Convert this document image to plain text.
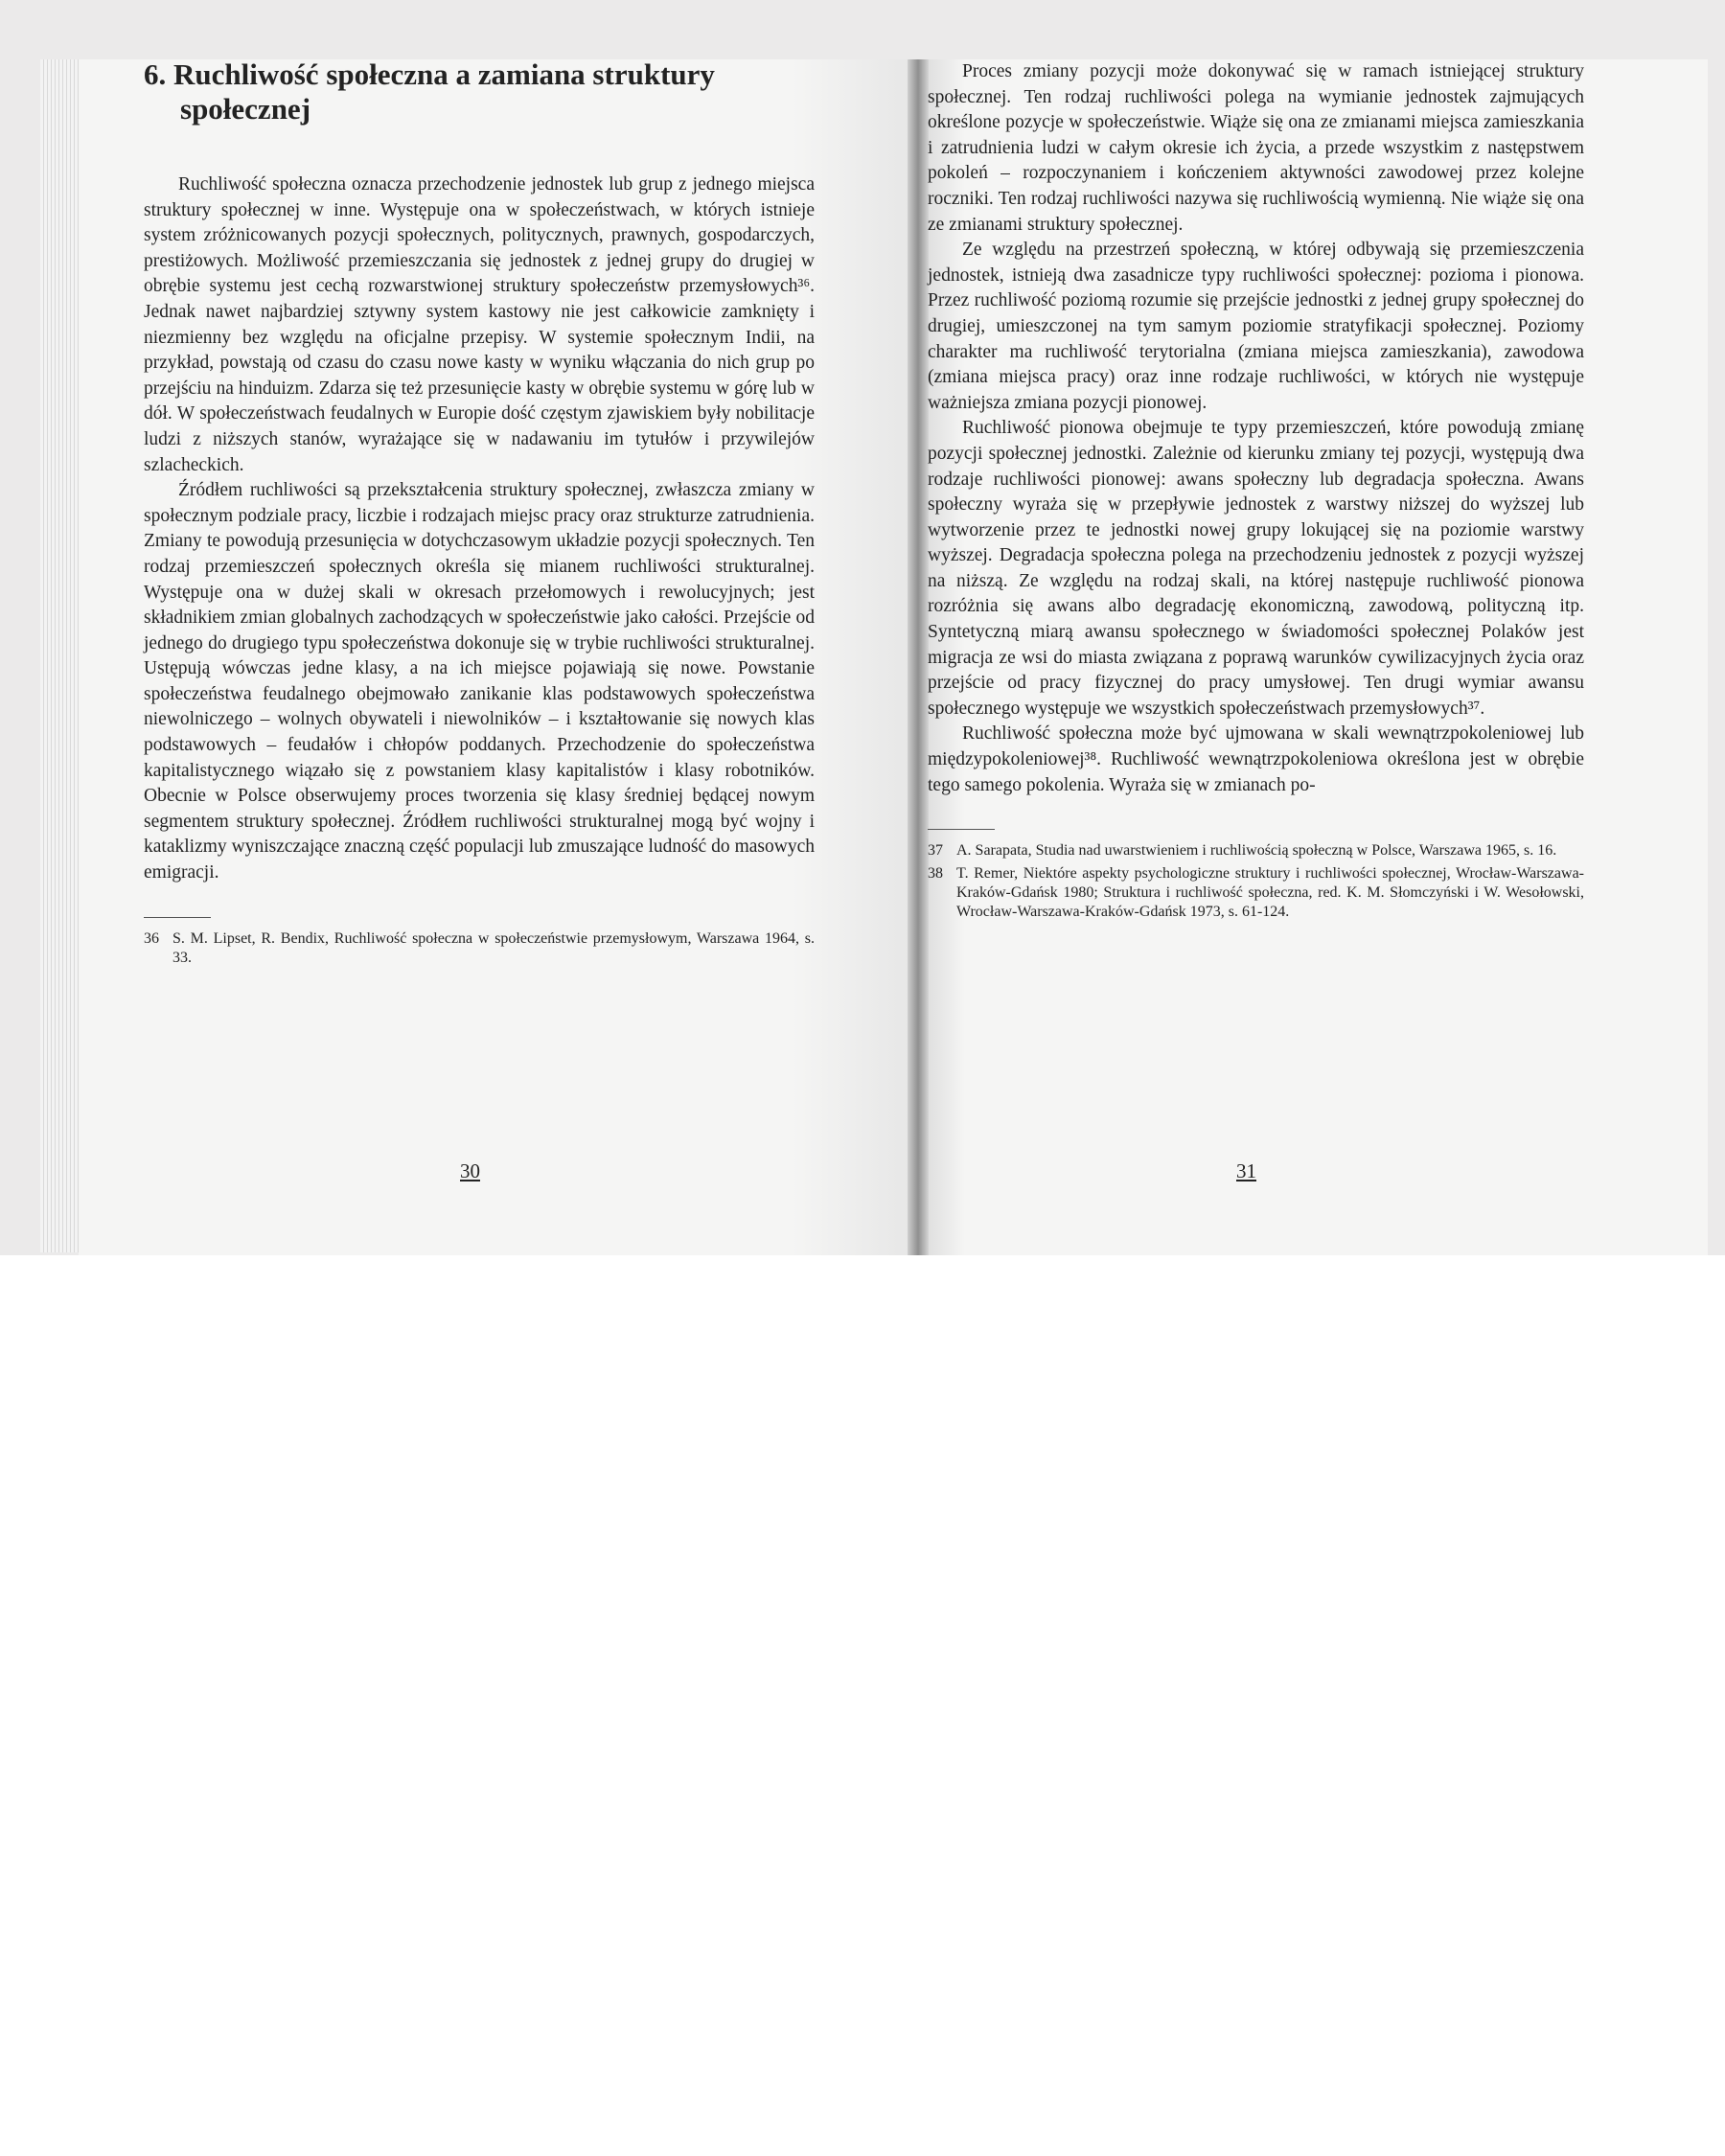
6. Ruchliwość społeczna a zamiana struktury społecznej

Ruchliwość społeczna oznacza przechodzenie jednostek lub grup z jednego miejsca struktury społecznej w inne. Występuje ona w społeczeństwach, w których istnieje system zróżnicowanych pozycji społecznych, politycznych, prawnych, gospodarczych, prestiżowych. Możliwość przemieszczania się jednostek z jednej grupy do drugiej w obrębie systemu jest cechą rozwarstwionej struktury społeczeństw przemysłowych³⁶. Jednak nawet najbardziej sztywny system kastowy nie jest całkowicie zamknięty i niezmienny bez względu na oficjalne przepisy. W systemie społecznym Indii, na przykład, powstają od czasu do czasu nowe kasty w wyniku włączania do nich grup po przejściu na hinduizm. Zdarza się też przesunięcie kasty w obrębie systemu w górę lub w dół. W społeczeństwach feudalnych w Europie dość częstym zjawiskiem były nobilitacje ludzi z niższych stanów, wyrażające się w nadawaniu im tytułów i przywilejów szlacheckich.

Źródłem ruchliwości są przekształcenia struktury społecznej, zwłaszcza zmiany w społecznym podziale pracy, liczbie i rodzajach miejsc pracy oraz strukturze zatrudnienia. Zmiany te powodują przesunięcia w dotychczasowym układzie pozycji społecznych. Ten rodzaj przemieszczeń społecznych określa się mianem ruchliwości strukturalnej. Występuje ona w dużej skali w okresach przełomowych i rewolucyjnych; jest składnikiem zmian globalnych zachodzących w społeczeństwie jako całości. Przejście od jednego do drugiego typu społeczeństwa dokonuje się w trybie ruchliwości strukturalnej. Ustępują wówczas jedne klasy, a na ich miejsce pojawiają się nowe. Powstanie społeczeństwa feudalnego obejmowało zanikanie klas podstawowych społeczeństwa niewolniczego – wolnych obywateli i niewolników – i kształtowanie się nowych klas podstawowych – feudałów i chłopów poddanych. Przechodzenie do społeczeństwa kapitalistycznego wiązało się z powstaniem klasy kapitalistów i klasy robotników. Obecnie w Polsce obserwujemy proces tworzenia się klasy średniej będącej nowym segmentem struktury społecznej. Źródłem ruchliwości strukturalnej mogą być wojny i kataklizmy wyniszczające znaczną część populacji lub zmuszające ludność do masowych emigracji.

36 S. M. Lipset, R. Bendix, Ruchliwość społeczna w społeczeństwie przemysłowym, Warszawa 1964, s. 33.

Proces zmiany pozycji może dokonywać się w ramach istniejącej struktury społecznej. Ten rodzaj ruchliwości polega na wymianie jednostek zajmujących określone pozycje w społeczeństwie. Wiąże się ona ze zmianami miejsca zamieszkania i zatrudnienia ludzi w całym okresie ich życia, a przede wszystkim z następstwem pokoleń – rozpoczynaniem i kończeniem aktywności zawodowej przez kolejne roczniki. Ten rodzaj ruchliwości nazywa się ruchliwością wymienną. Nie wiąże się ona ze zmianami struktury społecznej.

Ze względu na przestrzeń społeczną, w której odbywają się przemieszczenia jednostek, istnieją dwa zasadnicze typy ruchliwości społecznej: pozioma i pionowa. Przez ruchliwość poziomą rozumie się przejście jednostki z jednej grupy społecznej do drugiej, umieszczonej na tym samym poziomie stratyfikacji społecznej. Poziomy charakter ma ruchliwość terytorialna (zmiana miejsca zamieszkania), zawodowa (zmiana miejsca pracy) oraz inne rodzaje ruchliwości, w których nie występuje ważniejsza zmiana pozycji pionowej.

Ruchliwość pionowa obejmuje te typy przemieszczeń, które powodują zmianę pozycji społecznej jednostki. Zależnie od kierunku zmiany tej pozycji, występują dwa rodzaje ruchliwości pionowej: awans społeczny lub degradacja społeczna. Awans społeczny wyraża się w przepływie jednostek z warstwy niższej do wyższej lub wytworzenie przez te jednostki nowej grupy lokującej się na poziomie warstwy wyższej. Degradacja społeczna polega na przechodzeniu jednostek z pozycji wyższej na niższą. Ze względu na rodzaj skali, na której następuje ruchliwość pionowa rozróżnia się awans albo degradację ekonomiczną, zawodową, polityczną itp. Syntetyczną miarą awansu społecznego w świadomości społecznej Polaków jest migracja ze wsi do miasta związana z poprawą warunków cywilizacyjnych życia oraz przejście od pracy fizycznej do pracy umysłowej. Ten drugi wymiar awansu społecznego występuje we wszystkich społeczeństwach przemysłowych³⁷.

Ruchliwość społeczna może być ujmowana w skali wewnątrzpokoleniowej lub międzypokoleniowej³⁸. Ruchliwość wewnątrzpokoleniowa określona jest w obrębie tego samego pokolenia. Wyraża się w zmianach po-

37 A. Sarapata, Studia nad uwarstwieniem i ruchliwością społeczną w Polsce, Warszawa 1965, s. 16.
38 T. Remer, Niektóre aspekty psychologiczne struktury i ruchliwości społecznej, Wrocław-Warszawa-Kraków-Gdańsk 1980; Struktura i ruchliwość społeczna, red. K. M. Słomczyński i W. Wesołowski, Wrocław-Warszawa-Kraków-Gdańsk 1973, s. 61-124.
30	31
